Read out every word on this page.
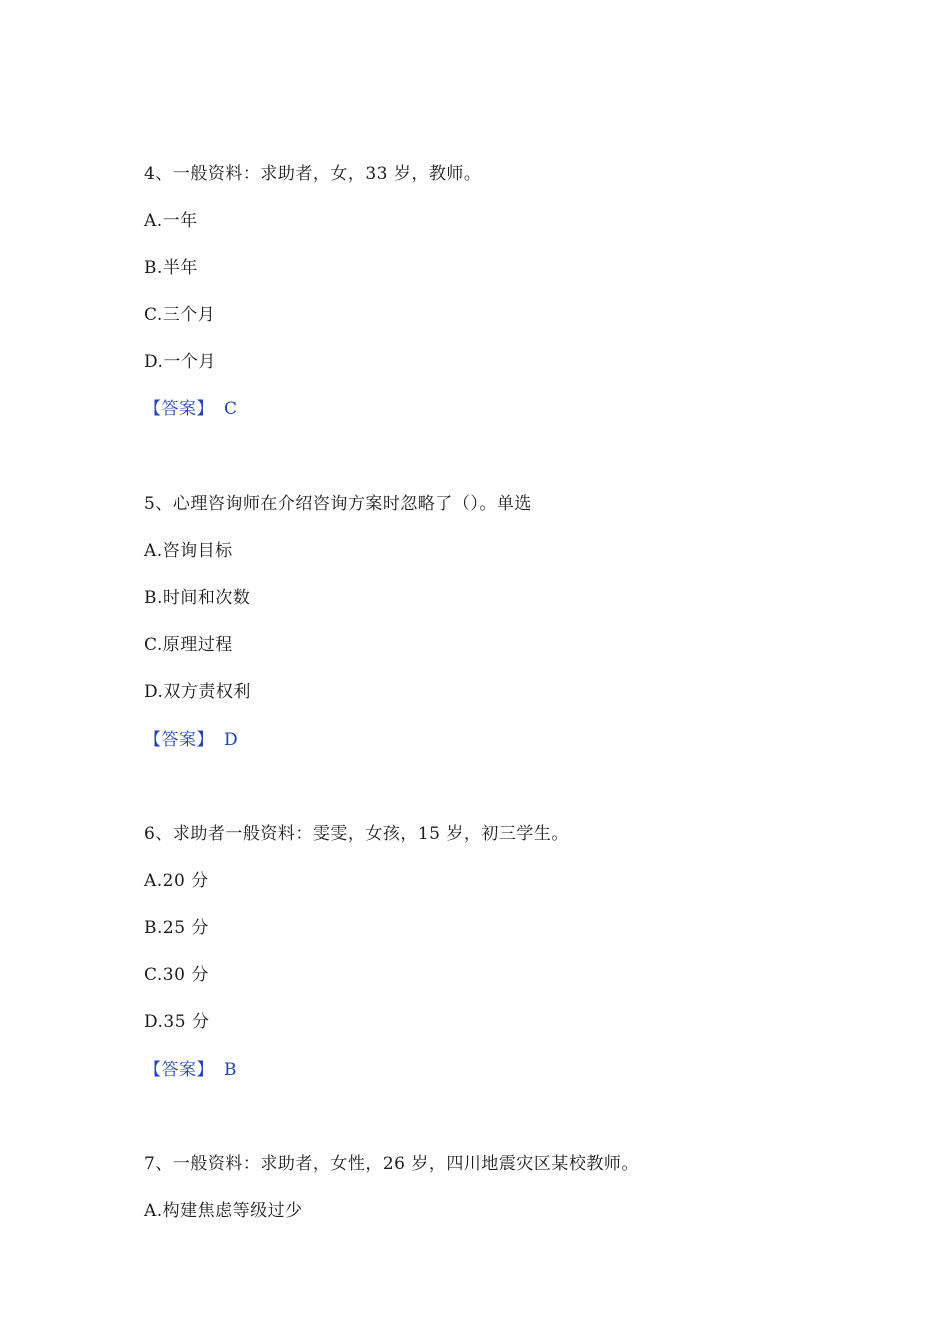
4、一般资料：求助者，女，33 岁，教师。
A.一年
B.半年
C.三个月
D.一个月
【答案】 C
5、心理咨询师在介绍咨询方案时忽略了（）。单选
A.咨询目标
B.时间和次数
C.原理过程
D.双方责权利
【答案】 D
6、求助者一般资料：雯雯，女孩，15 岁，初三学生。
A.20 分
B.25 分
C.30 分
D.35 分
【答案】 B
7、一般资料：求助者，女性，26 岁，四川地震灾区某校教师。
A.构建焦虑等级过少
